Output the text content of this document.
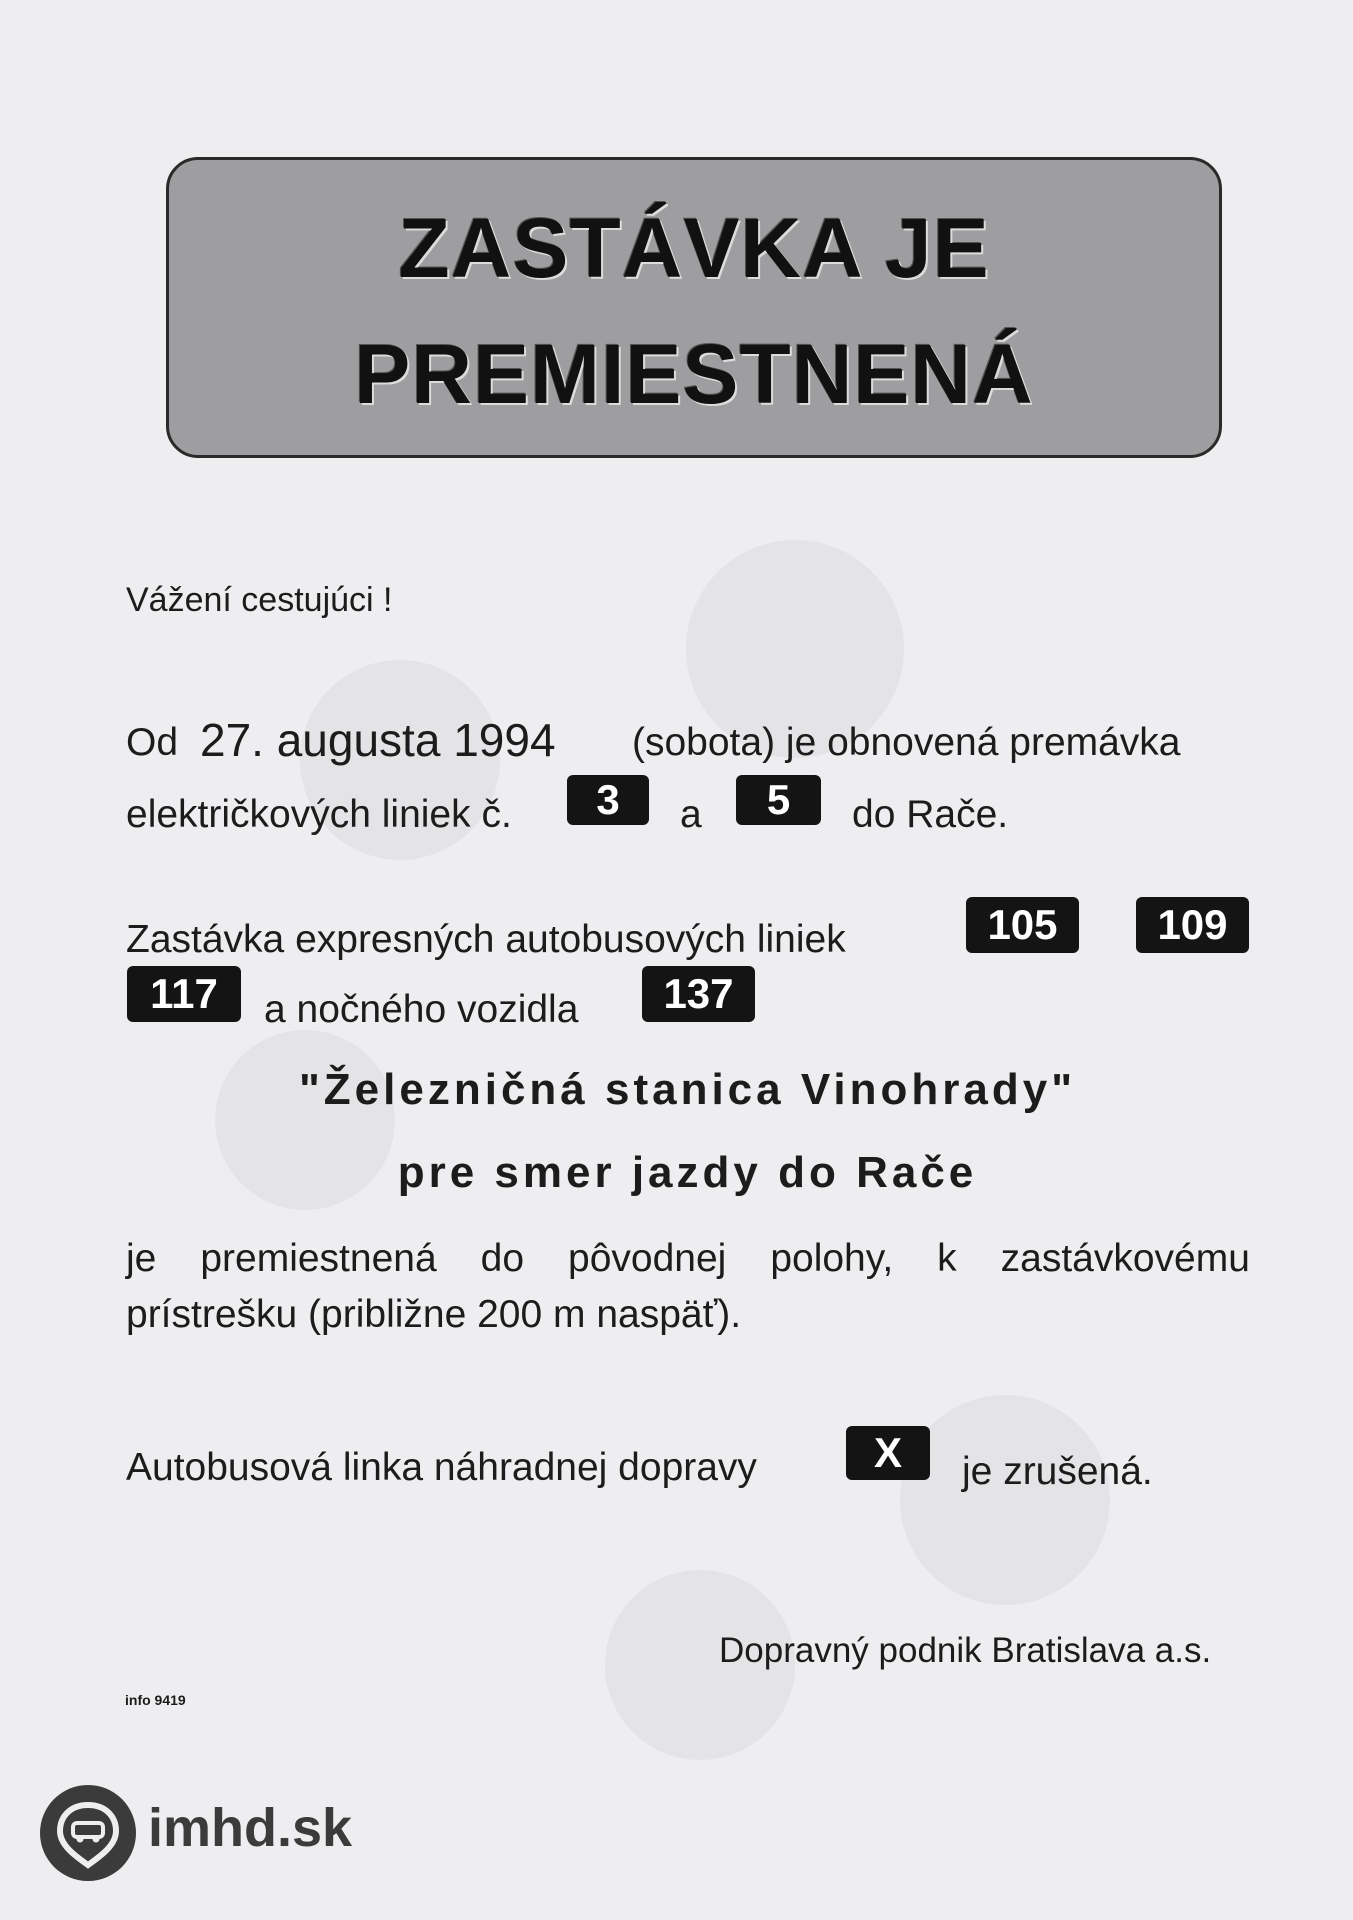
ZASTÁVKA JE
PREMIESTNENÁ
Vážení cestujúci !
Od 27. augusta 1994 (sobota) je obnovená premávka
električkových liniek č.	3	a	5	do Rače.
Zastávka expresných autobusových liniek	105	109
117	a nočného vozidla	137
"Železničná stanica Vinohrady"
pre smer jazdy do Rače
je premiestnená do pôvodnej polohy, k zastávkovému
prístrešku (približne 200 m naspäť).
Autobusová linka náhradnej dopravy	X	je zrušená.
Dopravný podnik Bratislava a.s.
info 9419
imhd.sk
